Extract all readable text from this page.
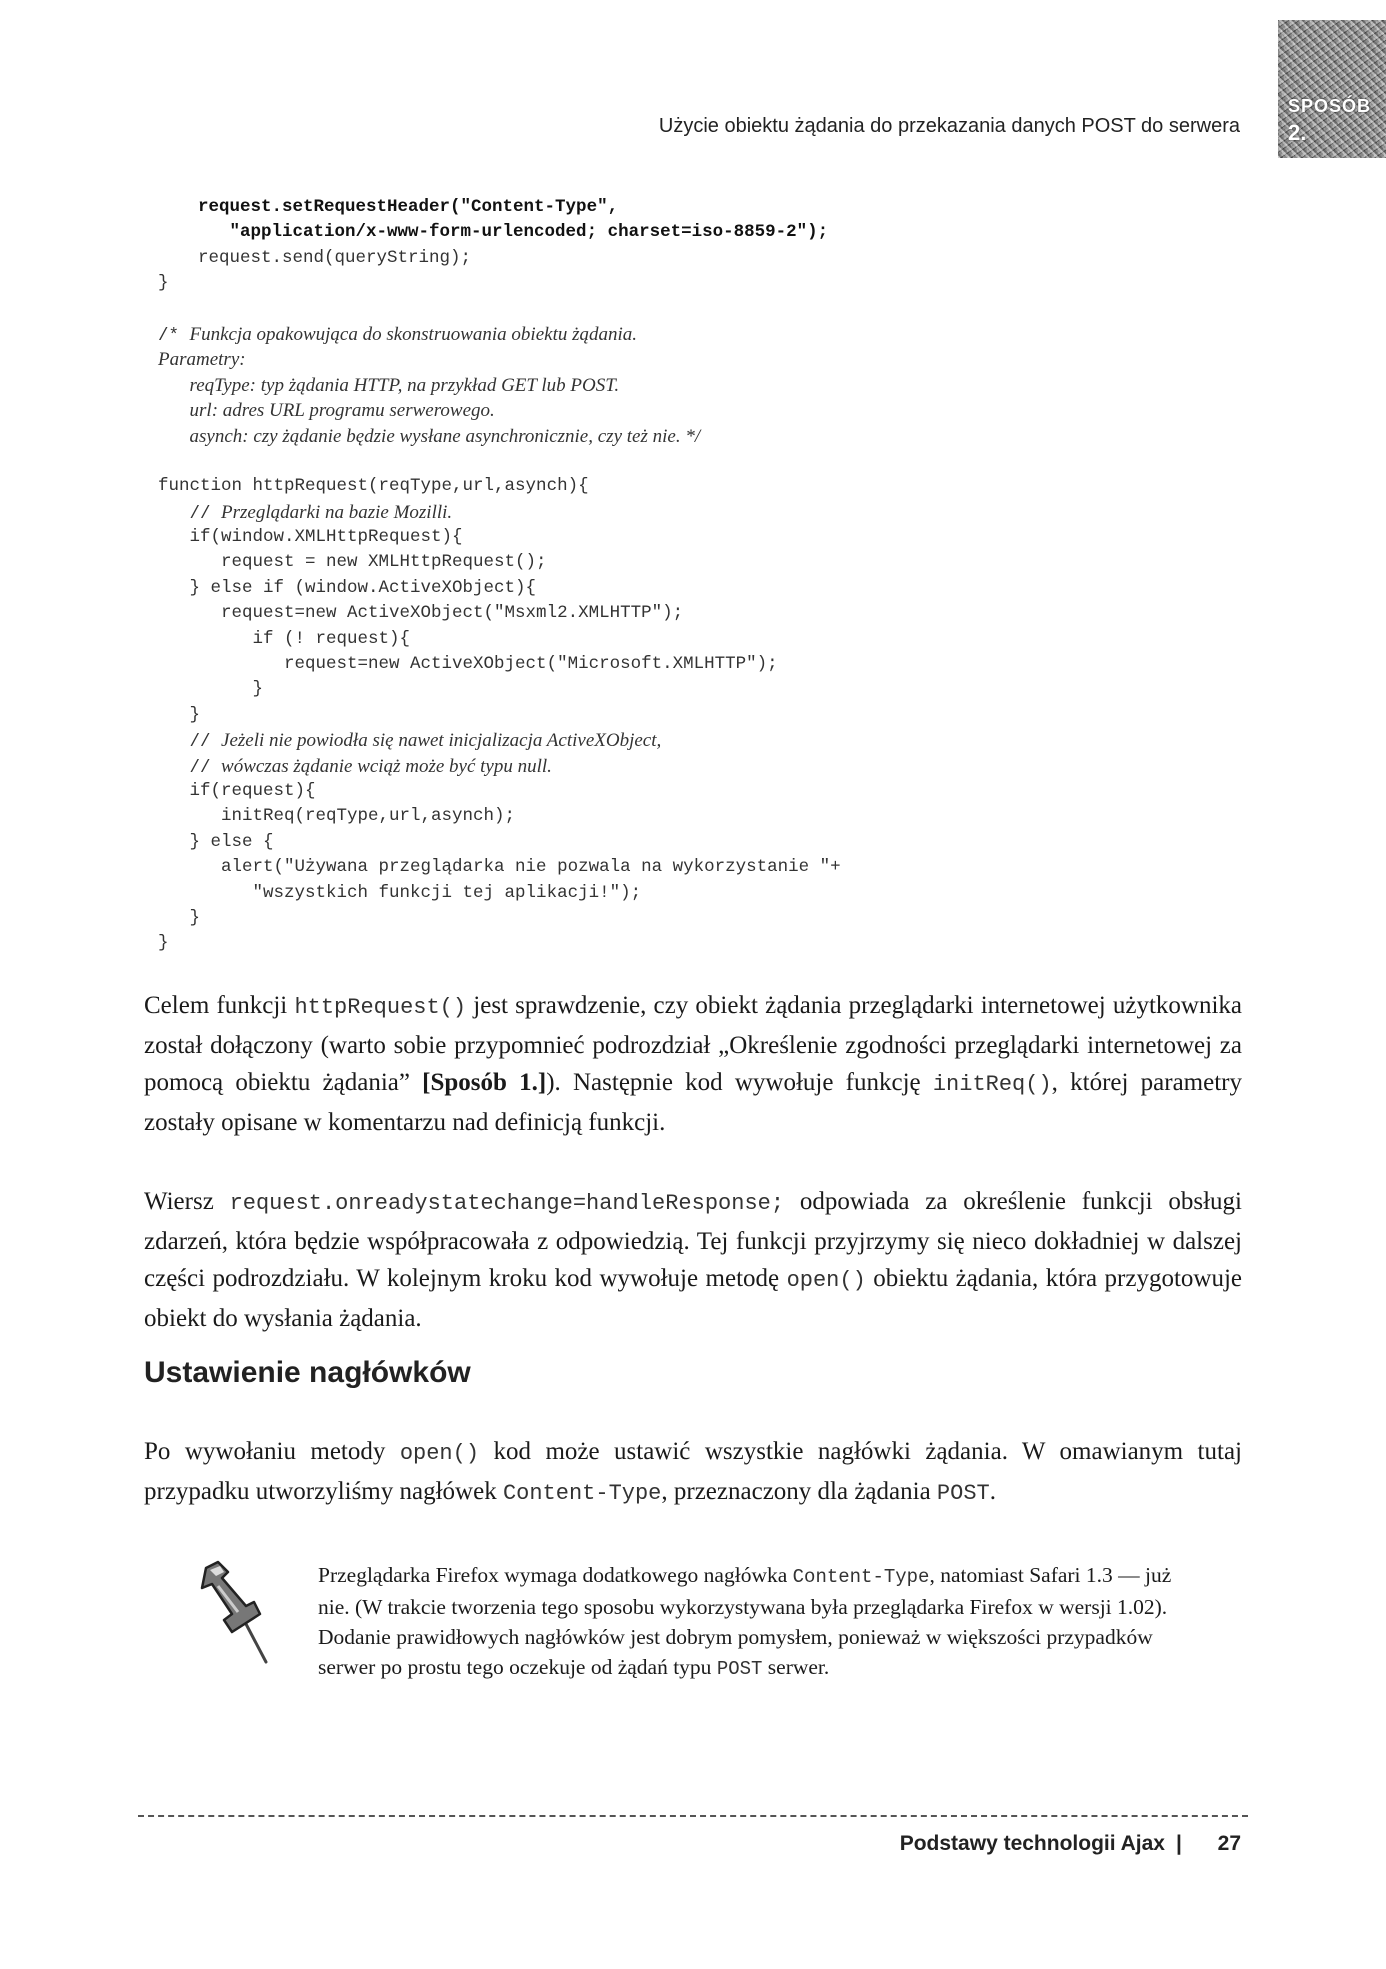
Użycie obiektu żądania do przekazania danych POST do serwera
SPOSÓB
2.
request.setRequestHeader("Content-Type",
"application/x-www-form-urlencoded; charset=iso-8859-2");
request.send(queryString);
}
/* Funkcja opakowująca do skonstruowania obiektu żądania.
Parametry:
reqType: typ żądania HTTP, na przykład GET lub POST.
url: adres URL programu serwerowego.
asynch: czy żądanie będzie wysłane asynchronicznie, czy też nie. */
function httpRequest(reqType,url,asynch){
// Przeglądarki na bazie Mozilli.
if(window.XMLHttpRequest){
request = new XMLHttpRequest();
} else if (window.ActiveXObject){
request=new ActiveXObject("Msxml2.XMLHTTP");
if (! request){
request=new ActiveXObject("Microsoft.XMLHTTP");
}
}
// Jeżeli nie powiodła się nawet inicjalizacja ActiveXObject,
// wówczas żądanie wciąż może być typu null.
if(request){
initReq(reqType,url,asynch);
} else {
alert("Używana przeglądarka nie pozwala na wykorzystanie "+
"wszystkich funkcji tej aplikacji!");
}
}

Celem funkcji httpRequest() jest sprawdzenie, czy obiekt żądania przeglądarki internetowej użytkownika został dołączony (warto sobie przypomnieć podrozdział „Określenie zgodności przeglądarki internetowej za pomocą obiektu żądania” [Sposób 1.]). Następnie kod wywołuje funkcję initReq(), której parametry zostały opisane w komentarzu nad definicją funkcji.

Wiersz request.onreadystatechange=handleResponse; odpowiada za określenie funkcji obsługi zdarzeń, która będzie współpracowała z odpowiedzią. Tej funkcji przyjrzymy się nieco dokładniej w dalszej części podrozdziału. W kolejnym kroku kod wywołuje metodę open() obiektu żądania, która przygotowuje obiekt do wysłania żądania.

Ustawienie nagłówków

Po wywołaniu metody open() kod może ustawić wszystkie nagłówki żądania. W omawianym tutaj przypadku utworzyliśmy nagłówek Content-Type, przeznaczony dla żądania POST.

Przeglądarka Firefox wymaga dodatkowego nagłówka Content-Type, natomiast Safari 1.3 — już nie. (W trakcie tworzenia tego sposobu wykorzystywana była przeglądarka Firefox w wersji 1.02). Dodanie prawidłowych nagłówków jest dobrym pomysłem, ponieważ w większości przypadków serwer po prostu tego oczekuje od żądań typu POST serwer.

Podstawy technologii Ajax | 27
